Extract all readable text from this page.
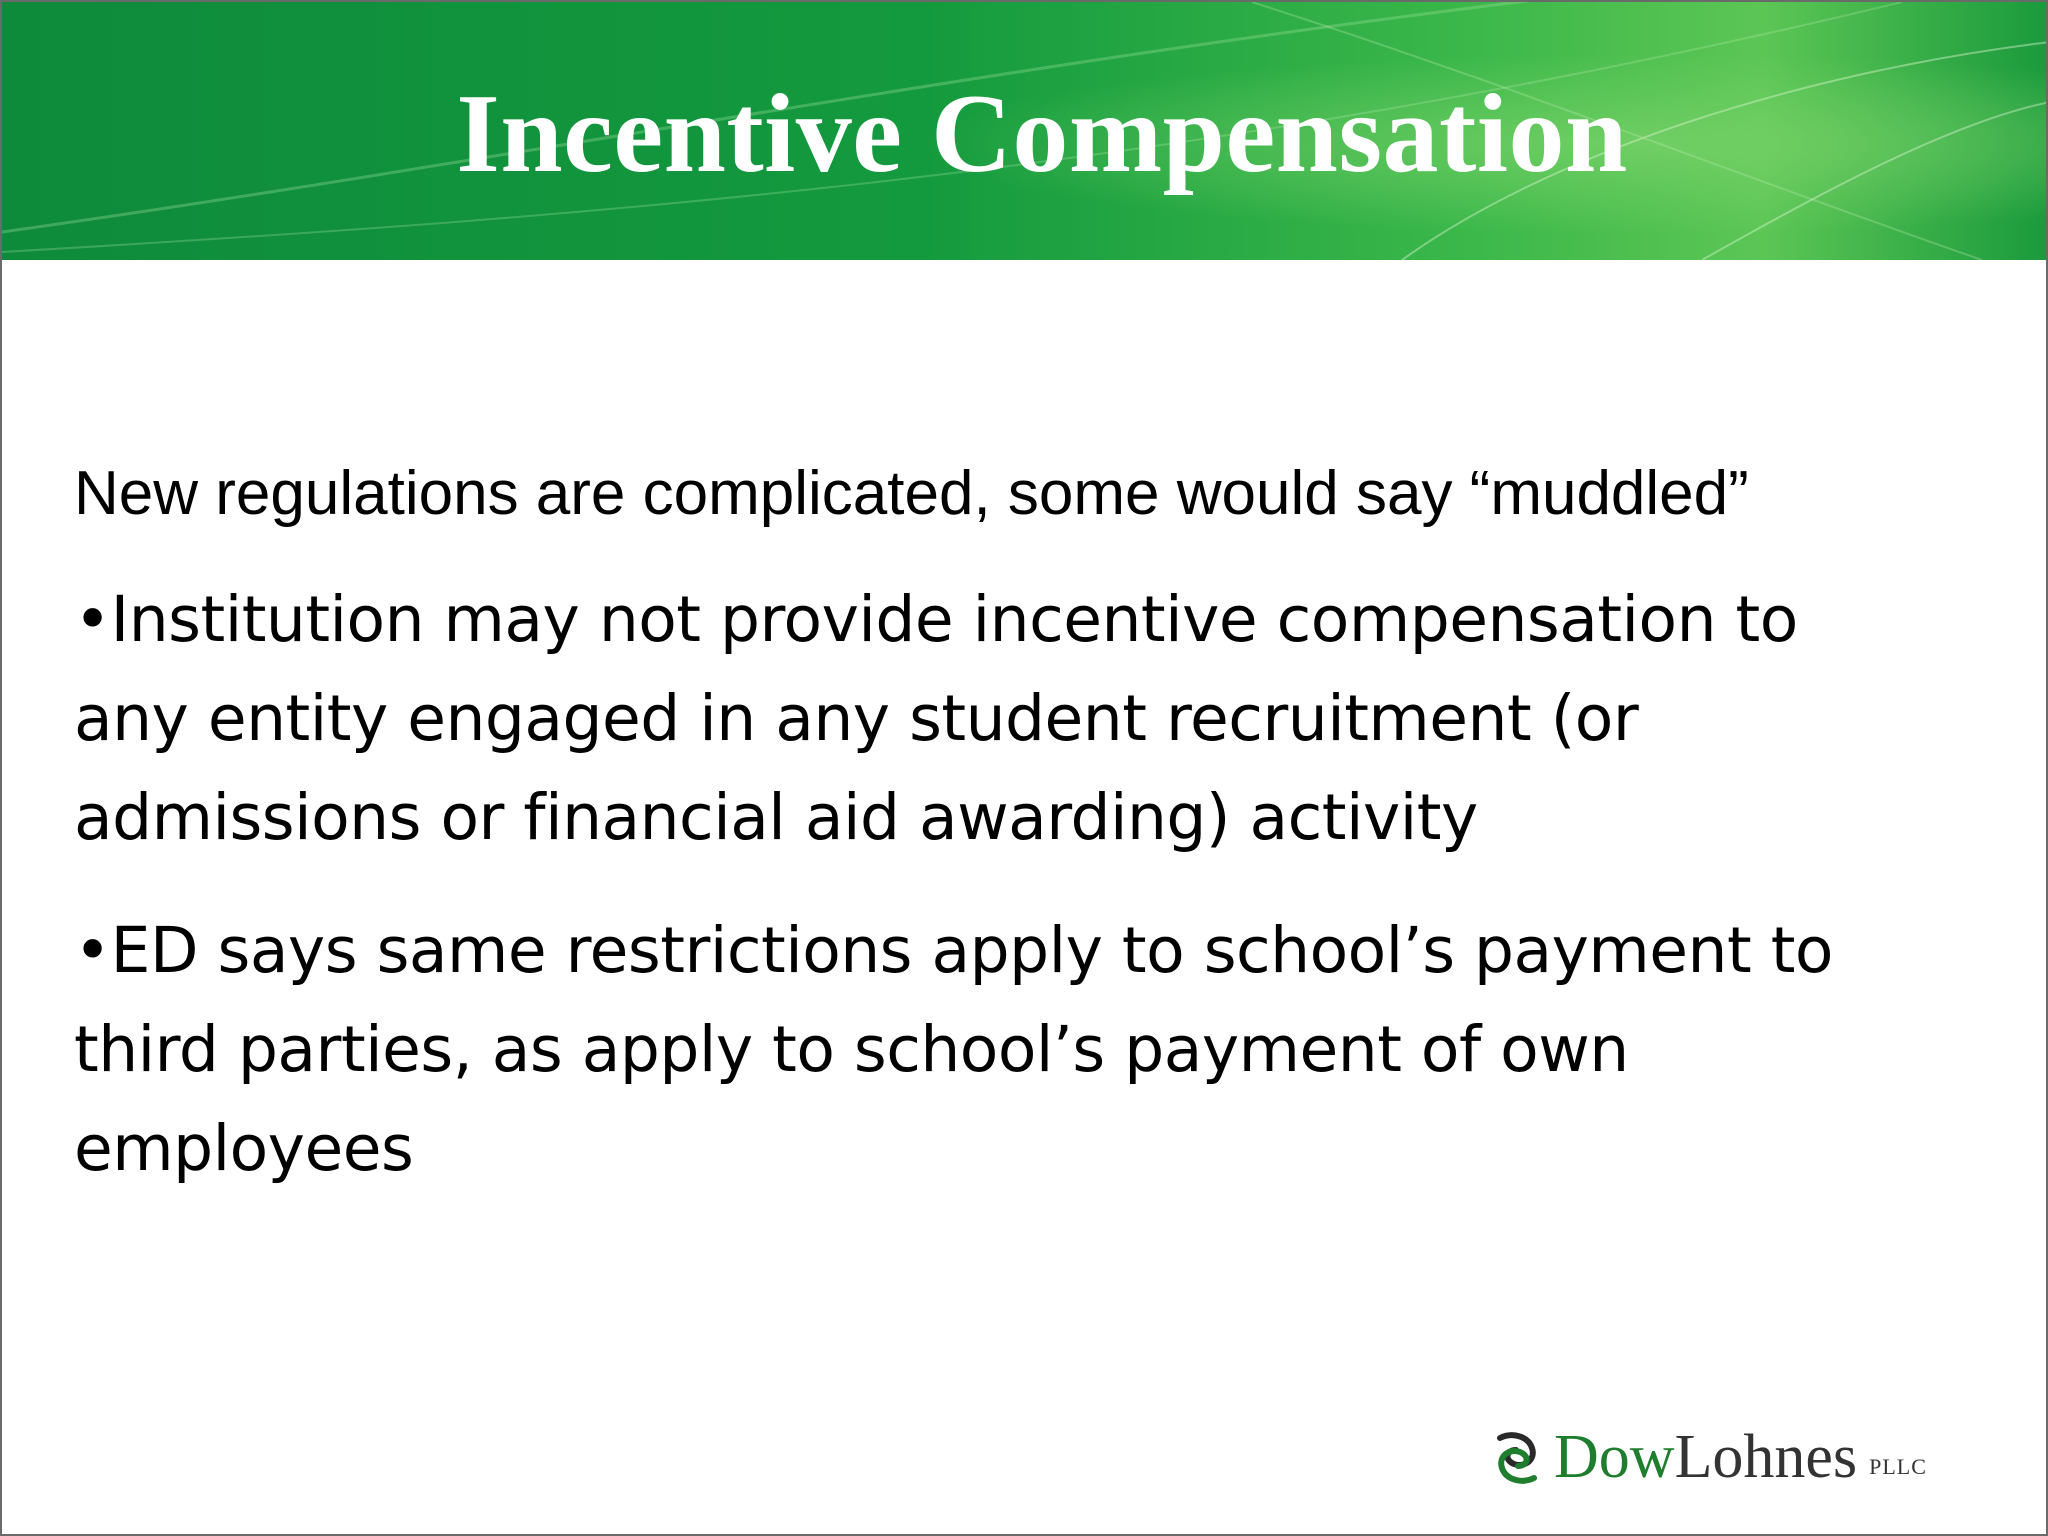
Incentive Compensation

New regulations are complicated, some would say “muddled”

•Institution may not provide incentive compensation to
any entity engaged in any student recruitment (or
admissions or financial aid awarding) activity
•ED says same restrictions apply to school’s payment to
third parties, as apply to school’s payment of own
employees
Dow Lohnes PLLC
